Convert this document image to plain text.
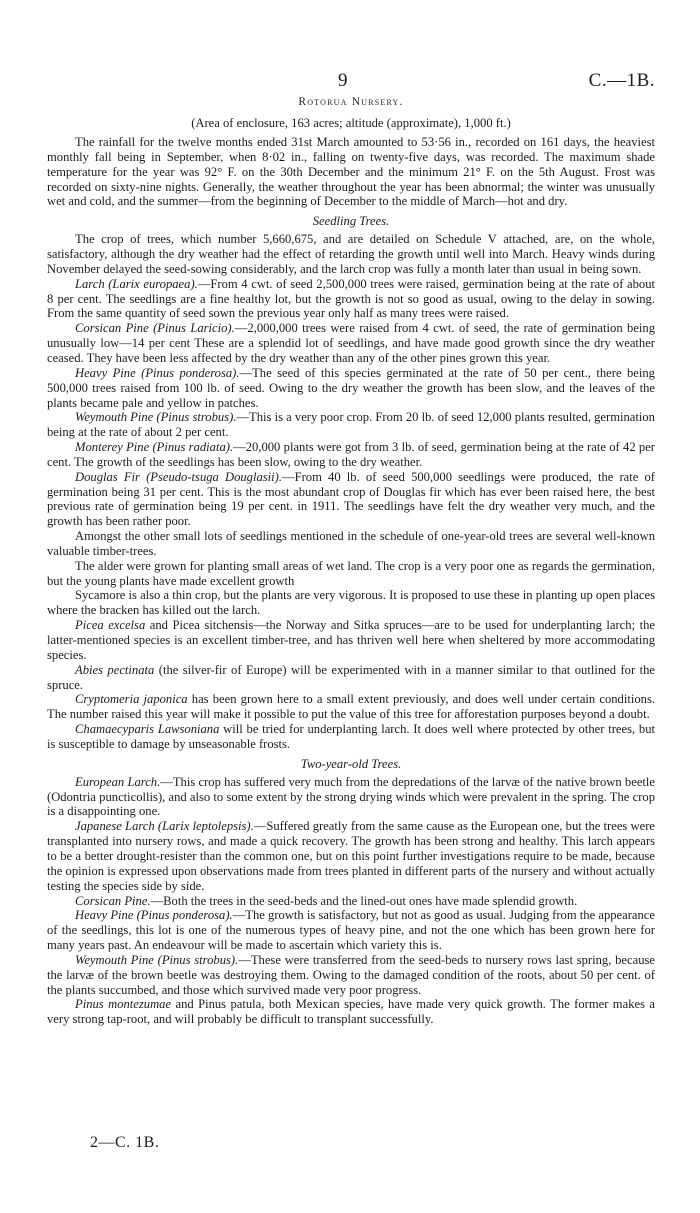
9	C.—1B.
Rotorua Nursery.
(Area of enclosure, 163 acres; altitude (approximate), 1,000 ft.)

The rainfall for the twelve months ended 31st March amounted to 53·56 in., recorded on 161 days, the heaviest monthly fall being in September, when 8·02 in., falling on twenty-five days, was recorded. The maximum shade temperature for the year was 92° F. on the 30th December and the minimum 21° F. on the 5th August. Frost was recorded on sixty-nine nights. Generally, the weather throughout the year has been abnormal; the winter was unusually wet and cold, and the summer—from the beginning of December to the middle of March—hot and dry.

Seedling Trees.

The crop of trees, which number 5,660,675, and are detailed on Schedule V attached, are, on the whole, satisfactory, although the dry weather had the effect of retarding the growth until well into March. Heavy winds during November delayed the seed-sowing considerably, and the larch crop was fully a month later than usual in being sown.

Larch (Larix europaea).—From 4 cwt. of seed 2,500,000 trees were raised, germination being at the rate of about 8 per cent. The seedlings are a fine healthy lot, but the growth is not so good as usual, owing to the delay in sowing. From the same quantity of seed sown the previous year only half as many trees were raised.

Corsican Pine (Pinus Laricio).—2,000,000 trees were raised from 4 cwt. of seed, the rate of germination being unusually low—14 per cent These are a splendid lot of seedlings, and have made good growth since the dry weather ceased. They have been less affected by the dry weather than any of the other pines grown this year.

Heavy Pine (Pinus ponderosa).—The seed of this species germinated at the rate of 50 per cent., there being 500,000 trees raised from 100 lb. of seed. Owing to the dry weather the growth has been slow, and the leaves of the plants became pale and yellow in patches.

Weymouth Pine (Pinus strobus).—This is a very poor crop. From 20 lb. of seed 12,000 plants resulted, germination being at the rate of about 2 per cent.

Monterey Pine (Pinus radiata).—20,000 plants were got from 3 lb. of seed, germination being at the rate of 42 per cent. The growth of the seedlings has been slow, owing to the dry weather.

Douglas Fir (Pseudo-tsuga Douglasii).—From 40 lb. of seed 500,000 seedlings were produced, the rate of germination being 31 per cent. This is the most abundant crop of Douglas fir which has ever been raised here, the best previous rate of germination being 19 per cent. in 1911. The seedlings have felt the dry weather very much, and the growth has been rather poor.

Amongst the other small lots of seedlings mentioned in the schedule of one-year-old trees are several well-known valuable timber-trees.

The alder were grown for planting small areas of wet land. The crop is a very poor one as regards the germination, but the young plants have made excellent growth

Sycamore is also a thin crop, but the plants are very vigorous. It is proposed to use these in planting up open places where the bracken has killed out the larch.

Picea excelsa and Picea sitchensis—the Norway and Sitka spruces—are to be used for underplanting larch; the latter-mentioned species is an excellent timber-tree, and has thriven well here when sheltered by more accommodating species.

Abies pectinata (the silver-fir of Europe) will be experimented with in a manner similar to that outlined for the spruce.

Cryptomeria japonica has been grown here to a small extent previously, and does well under certain conditions. The number raised this year will make it possible to put the value of this tree for afforestation purposes beyond a doubt.

Chamaecyparis Lawsoniana will be tried for underplanting larch. It does well where protected by other trees, but is susceptible to damage by unseasonable frosts.

Two-year-old Trees.

European Larch.—This crop has suffered very much from the depredations of the larvæ of the native brown beetle (Odontria puncticollis), and also to some extent by the strong drying winds which were prevalent in the spring. The crop is a disappointing one.

Japanese Larch (Larix leptolepsis).—Suffered greatly from the same cause as the European one, but the trees were transplanted into nursery rows, and made a quick recovery. The growth has been strong and healthy. This larch appears to be a better drought-resister than the common one, but on this point further investigations require to be made, because the opinion is expressed upon observations made from trees planted in different parts of the nursery and without actually testing the species side by side.

Corsican Pine.—Both the trees in the seed-beds and the lined-out ones have made splendid growth.

Heavy Pine (Pinus ponderosa).—The growth is satisfactory, but not as good as usual. Judging from the appearance of the seedlings, this lot is one of the numerous types of heavy pine, and not the one which has been grown here for many years past. An endeavour will be made to ascertain which variety this is.

Weymouth Pine (Pinus strobus).—These were transferred from the seed-beds to nursery rows last spring, because the larvæ of the brown beetle was destroying them. Owing to the damaged condition of the roots, about 50 per cent. of the plants succumbed, and those which survived made very poor progress.

Pinus montezumae and Pinus patula, both Mexican species, have made very quick growth. The former makes a very strong tap-root, and will probably be difficult to transplant successfully.

2—C. 1B.
